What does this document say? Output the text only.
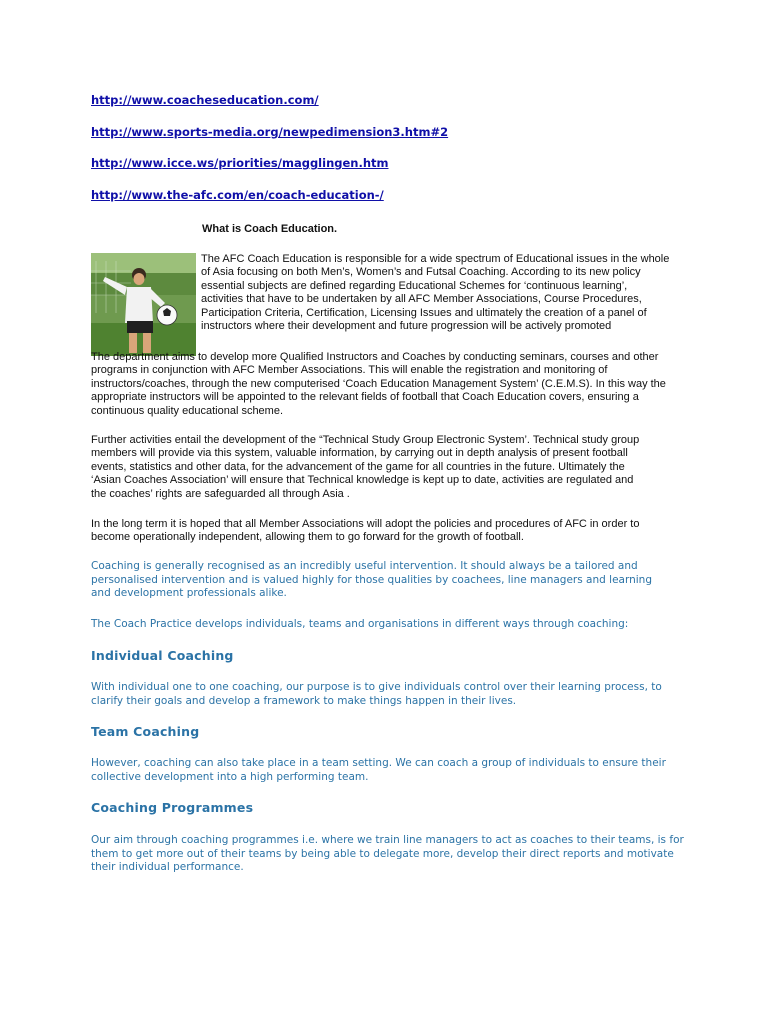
http://www.coacheseducation.com/
http://www.sports-media.org/newpedimension3.htm#2
http://www.icce.ws/priorities/magglingen.htm
http://www.the-afc.com/en/coach-education-/
What is Coach Education.
The AFC Coach Education is responsible for a wide spectrum of Educational issues in the whole of Asia focusing on both Men’s, Women’s and Futsal Coaching. According to its new policy essential subjects are defined regarding Educational Schemes for ‘continuous learning’, activities that have to be undertaken by all AFC Member Associations, Course Procedures, Participation Criteria, Certification, Licensing Issues and ultimately the creation of a panel of instructors where their development and future progression will be actively promoted
The department aims to develop more Qualified Instructors and Coaches by conducting seminars, courses and other programs in conjunction with AFC Member Associations. This will enable the registration and monitoring of instructors/coaches, through the new computerised ‘Coach Education Management System’ (C.E.M.S). In this way the appropriate instructors will be appointed to the relevant fields of football that Coach Education covers, ensuring a continuous quality educational scheme.
Further activities entail the development of the “Technical Study Group Electronic System’. Technical study group members will provide via this system, valuable information, by carrying out in depth analysis of present football events, statistics and other data, for the advancement of the game for all countries in the future. Ultimately the ‘Asian Coaches Association’ will ensure that Technical knowledge is kept up to date, activities are regulated and the coaches’ rights are safeguarded all through Asia .
In the long term it is hoped that all Member Associations will adopt the policies and procedures of AFC in order to become operationally independent, allowing them to go forward for the growth of football.
Coaching is generally recognised as an incredibly useful intervention. It should always be a tailored and personalised intervention and is valued highly for those qualities by coachees, line managers and learning and development professionals alike.
The Coach Practice develops individuals, teams and organisations in different ways through coaching:
Individual Coaching
With individual one to one coaching, our purpose is to give individuals control over their learning process, to clarify their goals and develop a framework to make things happen in their lives.
Team Coaching
However, coaching can also take place in a team setting. We can coach a group of individuals to ensure their collective development into a high performing team.
Coaching Programmes
Our aim through coaching programmes i.e. where we train line managers to act as coaches to their teams, is for them to get more out of their teams by being able to delegate more, develop their direct reports and motivate their individual performance.
